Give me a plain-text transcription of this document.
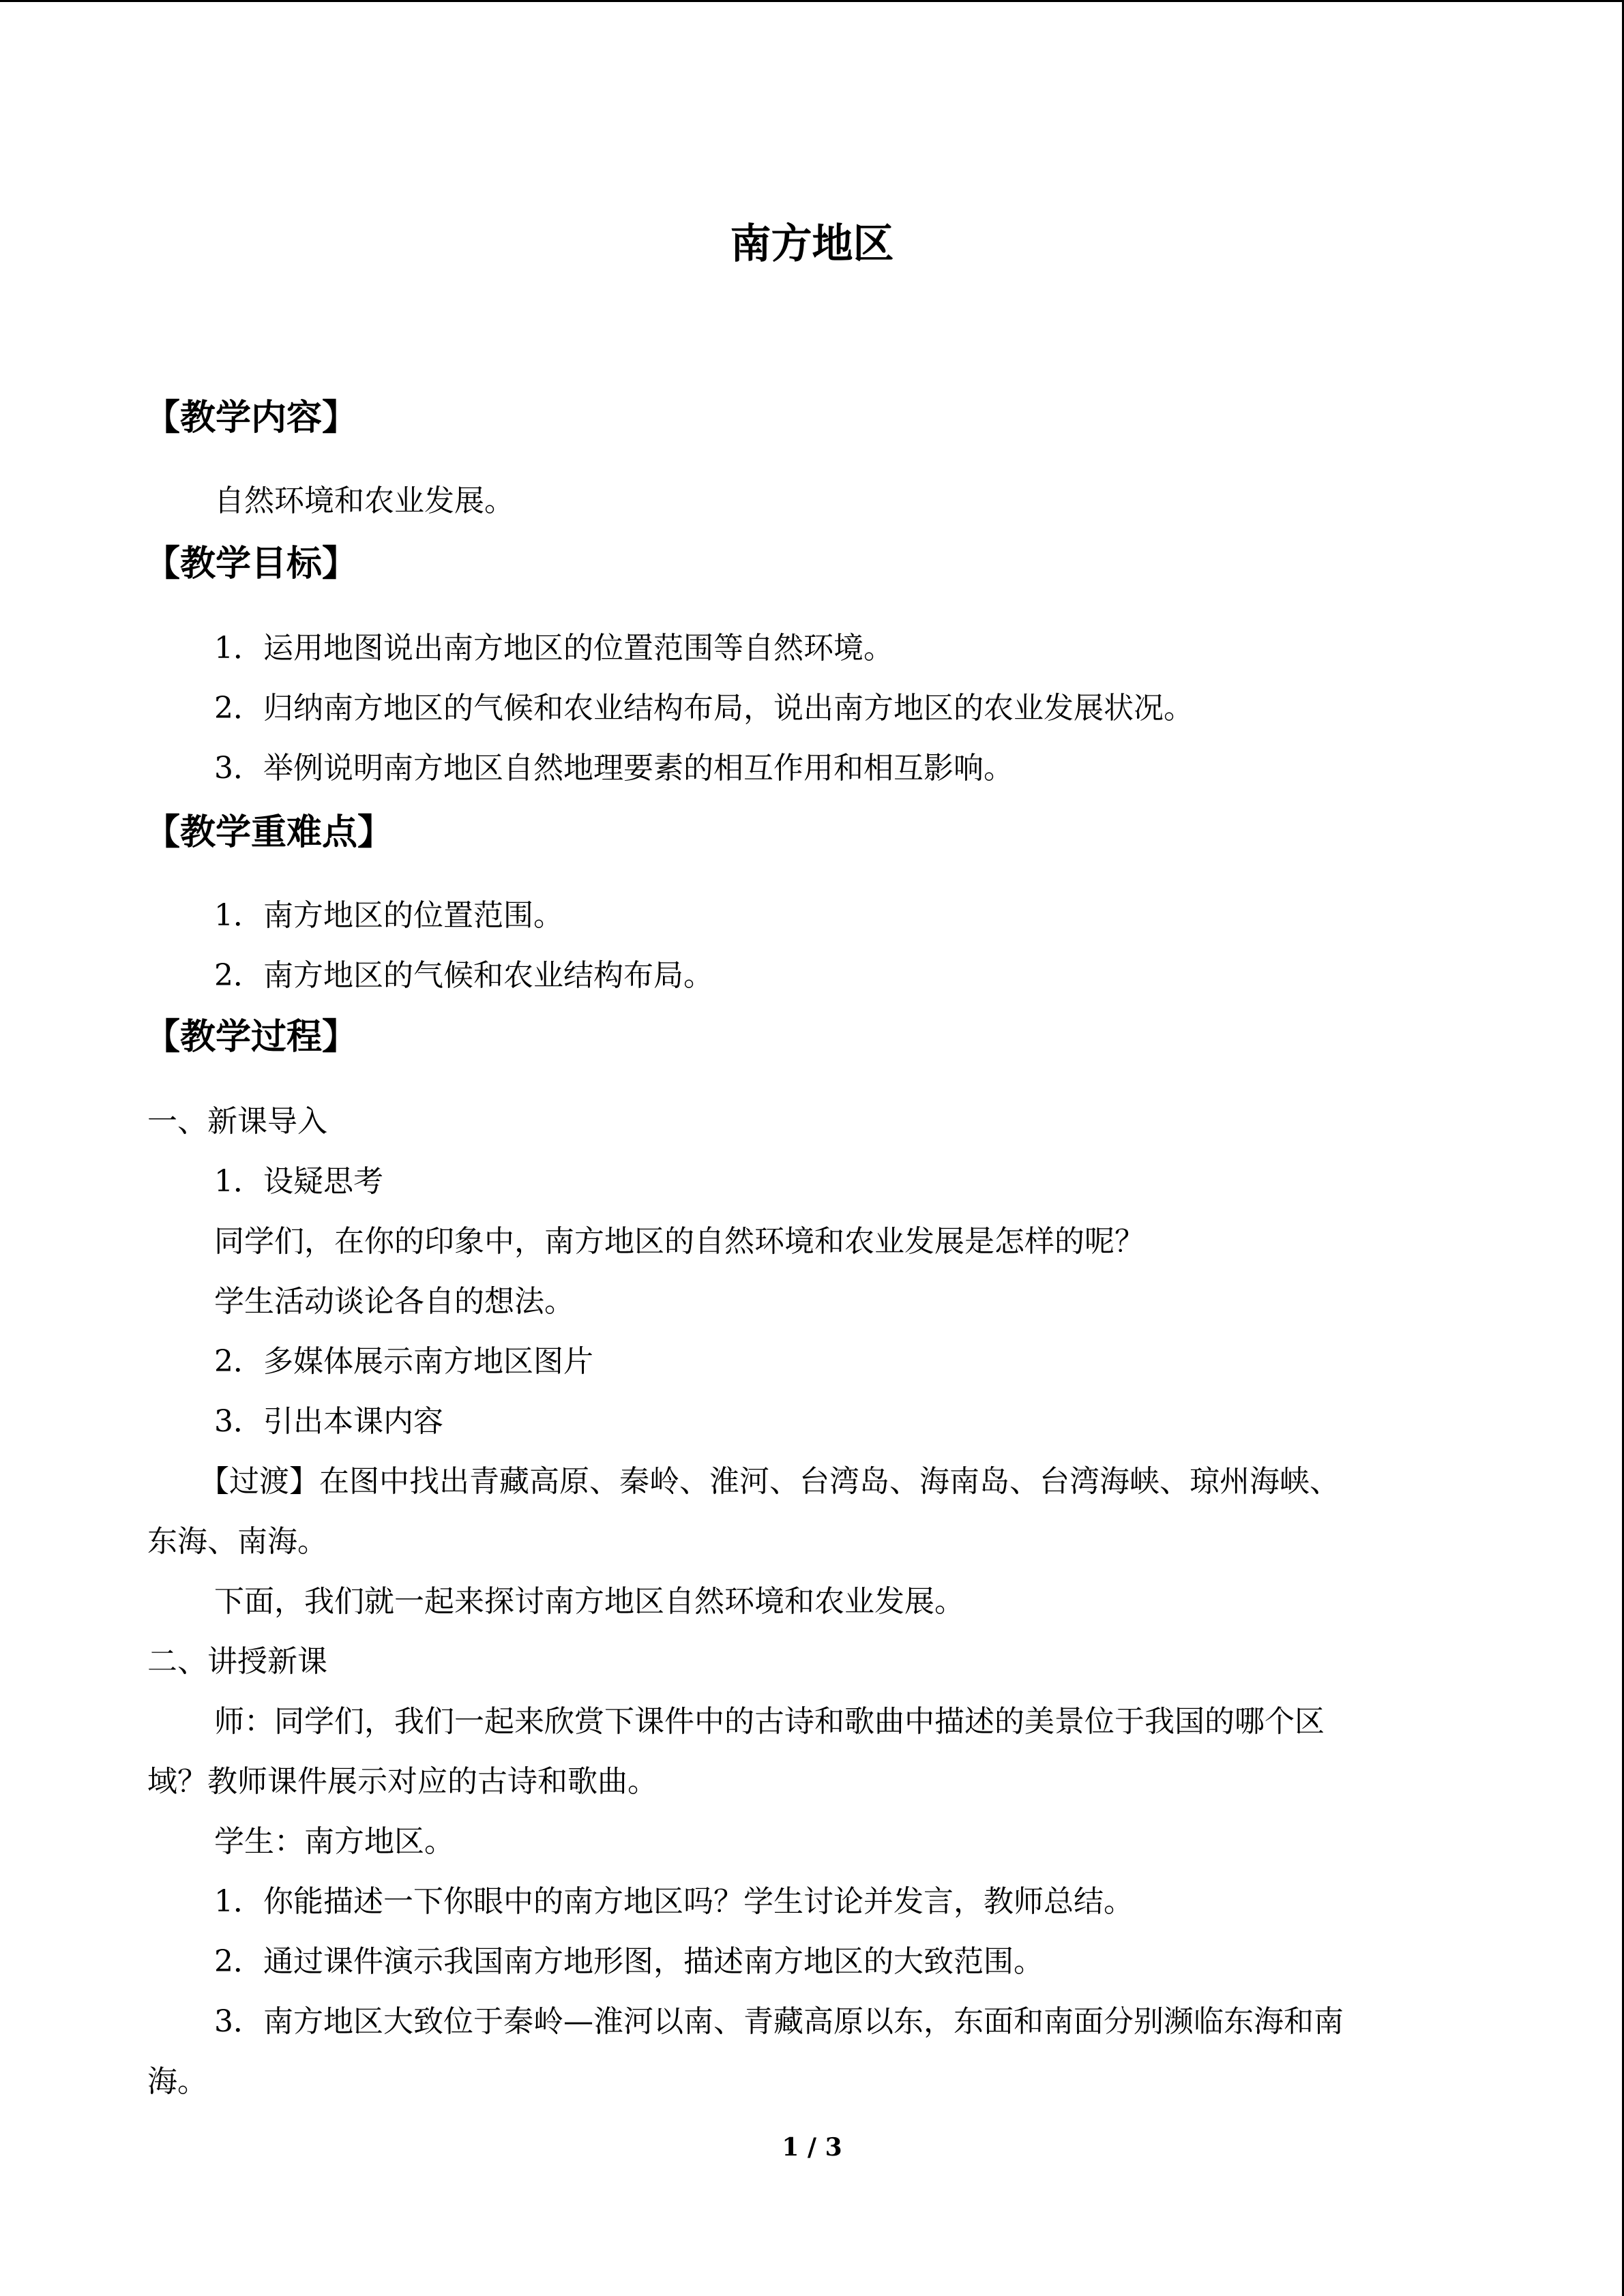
南方地区
【教学内容】
自然环境和农业发展。
【教学目标】
1．运用地图说出南方地区的位置范围等自然环境。
2．归纳南方地区的气候和农业结构布局，说出南方地区的农业发展状况。
3．举例说明南方地区自然地理要素的相互作用和相互影响。
【教学重难点】
1．南方地区的位置范围。
2．南方地区的气候和农业结构布局。
【教学过程】
一、新课导入
1．设疑思考
同学们，在你的印象中，南方地区的自然环境和农业发展是怎样的呢？
学生活动谈论各自的想法。
2．多媒体展示南方地区图片
3．引出本课内容
【过渡】在图中找出青藏高原、秦岭、淮河、台湾岛、海南岛、台湾海峡、琼州海峡、
东海、南海。
下面，我们就一起来探讨南方地区自然环境和农业发展。
二、讲授新课
师：同学们，我们一起来欣赏下课件中的古诗和歌曲中描述的美景位于我国的哪个区
域？教师课件展示对应的古诗和歌曲。
学生：南方地区。
1．你能描述一下你眼中的南方地区吗？学生讨论并发言，教师总结。
2．通过课件演示我国南方地形图，描述南方地区的大致范围。
3．南方地区大致位于秦岭—淮河以南、青藏高原以东，东面和南面分别濒临东海和南
海。
1 / 3
